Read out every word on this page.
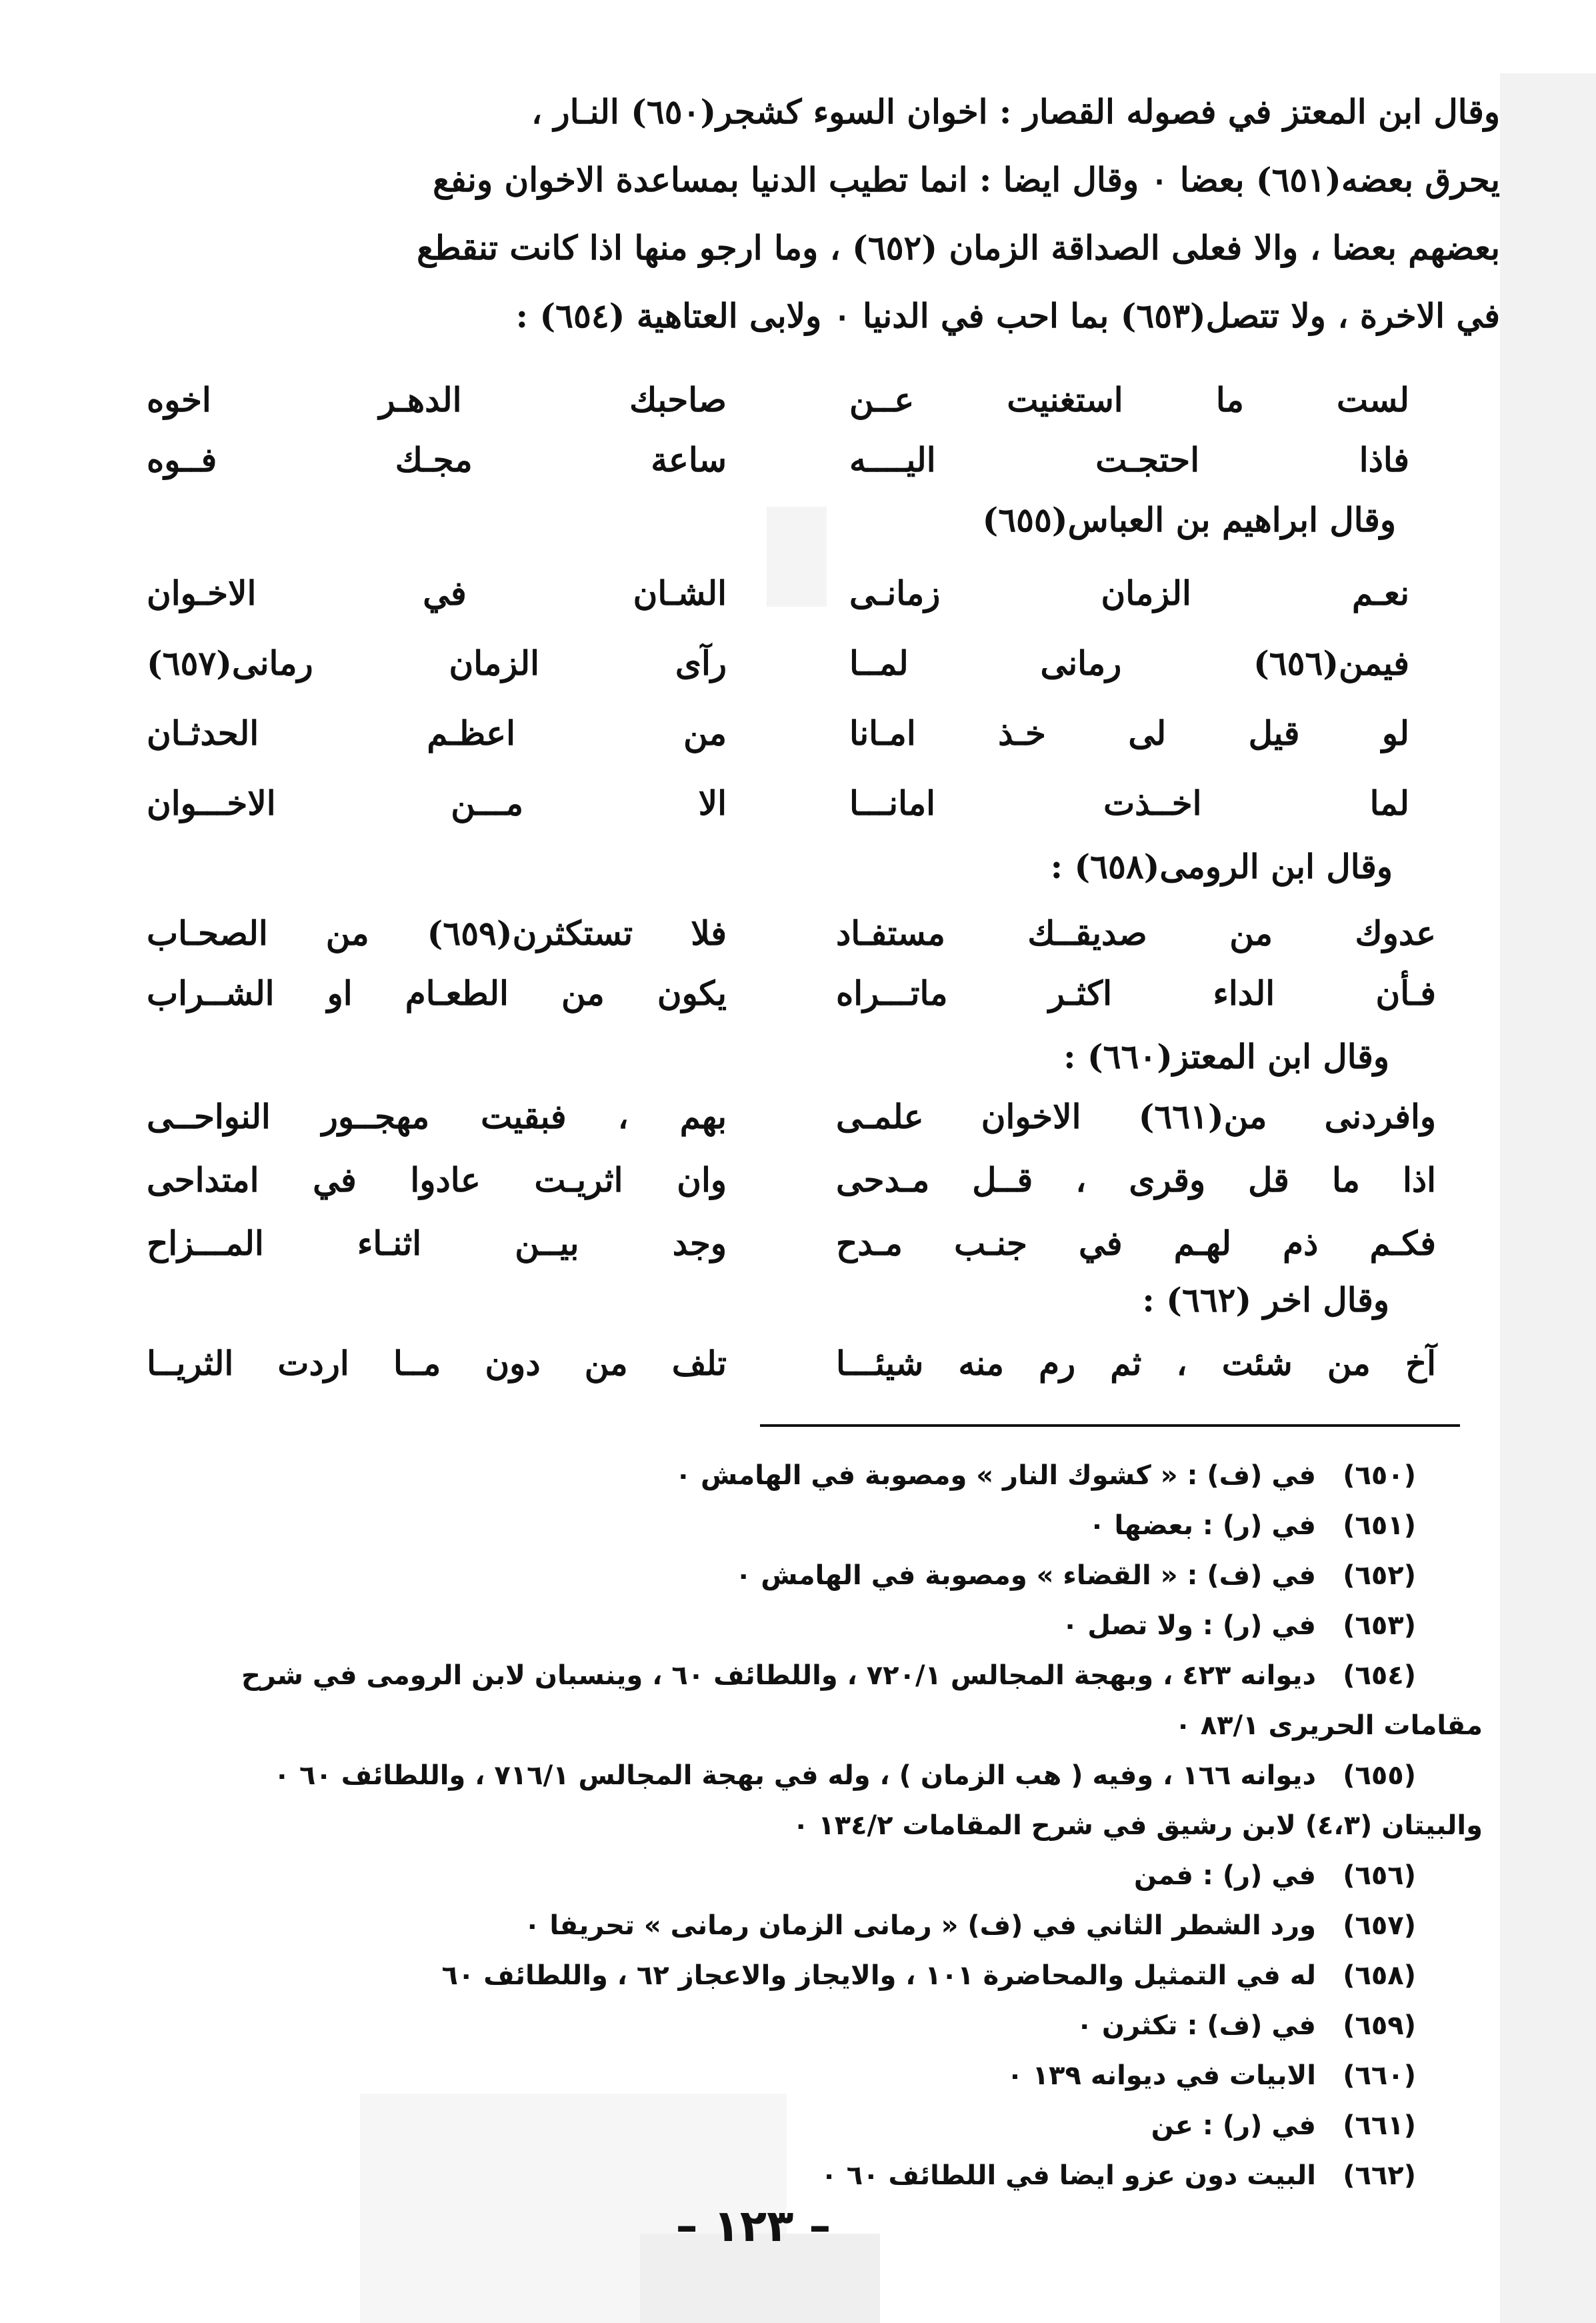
وقال ابن المعتز في فصوله القصار : اخوان السوء كشجر(٦٥٠) النـار ،
يحرق بعضه(٦٥١) بعضا ٠ وقال ايضا : انما تطيب الدنيا بمساعدة الاخوان ونفع
بعضهم بعضا ، والا فعلى الصداقة الزمان (٦٥٢) ، وما ارجو منها اذا كانت تنقطع
في الاخرة ، ولا تتصل(٦٥٣) بما احب في الدنيا ٠ ولابى العتاهية (٦٥٤) :
لست ما استغنيت عــن
صاحبك الدهـر اخوه
فاذا احتجـت اليــــه
ساعة مجـك فــوه
وقال ابراهيم بن العباس(٦٥٥)
نعـم الزمان زمانـى
الشـان في الاخـوان
فيمن(٦٥٦) رمانى لمــا
رآى الزمان رمانى(٦٥٧)
لو قيل لى خـذ امـانا
من اعظـم الحدثـان
لما اخــذت امانـــا
الا مـــن الاخـــوان
وقال ابن الرومى(٦٥٨) :
عدوك من صديقــك مستفـاد
فلا تستكثرن(٦٥٩) من الصحـاب
فـأن الداء اكثـر ماتـــراه
يكون من الطعـام او الشــراب
وقال ابن المعتز(٦٦٠) :
وافردنى من(٦٦١) الاخوان علمـى
بهم ، فبقيت مهجــور النواحــى
اذا ما قل وقرى ، قــل مـدحى
وان اثريـت عادوا في امتداحى
فكـم ذم لهـم في جنـب مـدح
وجد بيــن اثنـاء المـــزاح
وقال اخر (٦٦٢) :
آخ من شئت ، ثم رم منه شيئـــا
تلف من دون مــا اردت الثريــا
(٦٥٠)في (ف) : « كشوك النار » ومصوبة في الهامش ٠
(٦٥١)في (ر) : بعضها ٠
(٦٥٢)في (ف) : « القضاء » ومصوبة في الهامش ٠
(٦٥٣)في (ر) : ولا تصل ٠
(٦٥٤)ديوانه ٤٢٣ ، وبهجة المجالس ٧٢٠/١ ، واللطائف ٦٠ ، وينسبان لابن الرومى في شرح
مقامات الحريرى ٨٣/١ ٠
(٦٥٥)ديوانه ١٦٦ ، وفيه ( هب الزمان ) ، وله في بهجة المجالس ٧١٦/١ ، واللطائف ٦٠ ٠
والبيتان (٤،٣) لابن رشيق في شرح المقامات ١٣٤/٢ ٠
(٦٥٦)في (ر) : فمن
(٦٥٧)ورد الشطر الثاني في (ف) « رمانى الزمان رمانى » تحريفا ٠
(٦٥٨)له في التمثيل والمحاضرة ١٠١ ، والايجاز والاعجاز ٦٢ ، واللطائف ٦٠
(٦٥٩)في (ف) : تكثرن ٠
(٦٦٠)الابيات في ديوانه ١٣٩ ٠
(٦٦١)في (ر) : عن
(٦٦٢)البيت دون عزو ايضا في اللطائف ٦٠ ٠
– ١٢٣ –
